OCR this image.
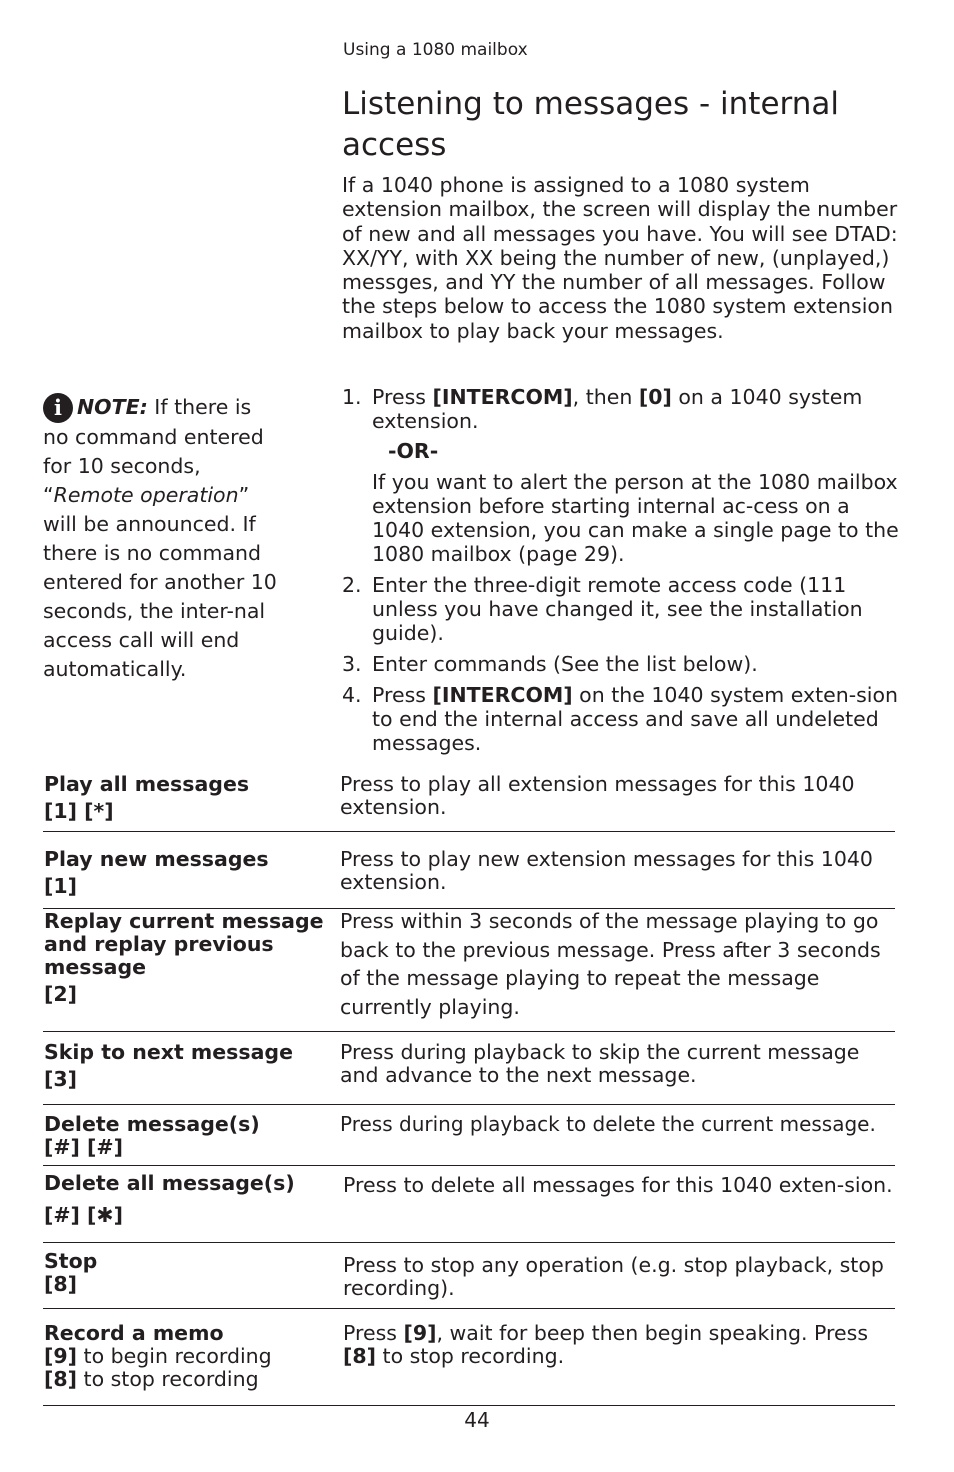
Using a 1080 mailbox
Listening to messages - internal access
If a 1040 phone is assigned to a 1080 system extension mailbox, the screen will display the number of new and all messages you have. You will see DTAD: XX/YY, with XX being the number of new, (unplayed,) messges, and YY the number of all messages. Follow the steps below to access the 1080 system extension mailbox to play back your messages.
i NOTE: If there is no command entered for 10 seconds, “Remote operation” will be announced. If there is no command entered for another 10 seconds, the inter-nal access call will end automatically.
1. Press [INTERCOM], then [0] on a 1040 system extension.
-OR-
If you want to alert the person at the 1080 mailbox extension before starting internal ac-cess on a 1040 extension, you can make a single page to the 1080 mailbox (page 29).
2. Enter the three-digit remote access code (111 unless you have changed it, see the installation guide).
3. Enter commands (See the list below).
4. Press [INTERCOM] on the 1040 system exten-sion to end the internal access and save all undeleted messages.
Play all messages
[1] [*]
Press to play all extension messages for this 1040 extension.
Play new messages
[1]
Press to play new extension messages for this 1040 extension.
Replay current message and replay previous message
[2]
Press within 3 seconds of the message playing to go back to the previous message. Press after 3 seconds of the message playing to repeat the message currently playing.
Skip to next message
[3]
Press during playback to skip the current message and advance to the next message.
Delete message(s)
[#] [#]
Press during playback to delete the current message.
Delete all message(s)
[#] [✱]
Press to delete all messages for this 1040 exten-sion.
Stop
[8]
Press to stop any operation (e.g. stop playback, stop recording).
Record a memo
[9] to begin recording
[8] to stop recording
Press [9], wait for beep then begin speaking. Press [8] to stop recording.
44
